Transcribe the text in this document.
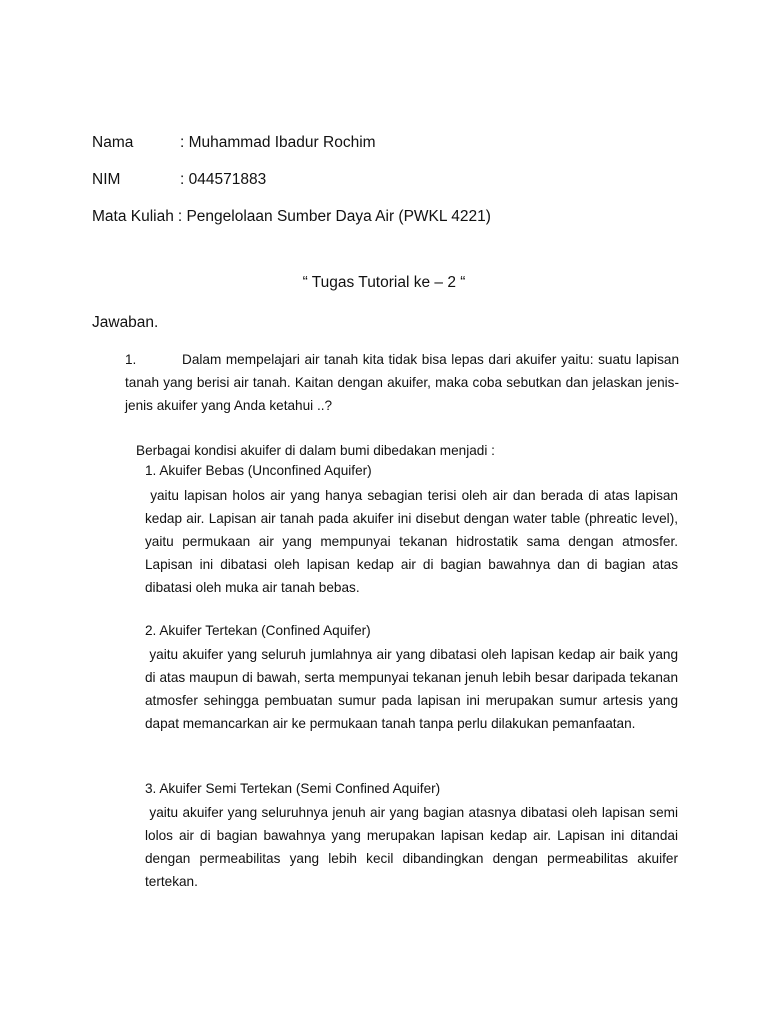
Nama	: Muhammad Ibadur Rochim
NIM	: 044571883
Mata Kuliah : Pengelolaan Sumber Daya Air (PWKL 4221)
“ Tugas Tutorial ke – 2 “
Jawaban.
1.	Dalam mempelajari air tanah kita tidak bisa lepas dari akuifer yaitu: suatu lapisan tanah yang berisi air tanah. Kaitan dengan akuifer, maka coba sebutkan dan jelaskan jenis-jenis akuifer yang Anda ketahui ..?
Berbagai kondisi akuifer di dalam bumi dibedakan menjadi :
1. Akuifer Bebas (Unconfined Aquifer)
yaitu lapisan holos air yang hanya sebagian terisi oleh air dan berada di atas lapisan kedap air. Lapisan air tanah pada akuifer ini disebut dengan water table (phreatic level), yaitu permukaan air yang mempunyai tekanan hidrostatik sama dengan atmosfer. Lapisan ini dibatasi oleh lapisan kedap air di bagian bawahnya dan di bagian atas dibatasi oleh muka air tanah bebas.
2. Akuifer Tertekan (Confined Aquifer)
yaitu akuifer yang seluruh jumlahnya air yang dibatasi oleh lapisan kedap air baik yang di atas maupun di bawah, serta mempunyai tekanan jenuh lebih besar daripada tekanan atmosfer sehingga pembuatan sumur pada lapisan ini merupakan sumur artesis yang dapat memancarkan air ke permukaan tanah tanpa perlu dilakukan pemanfaatan.
3. Akuifer Semi Tertekan (Semi Confined Aquifer)
yaitu akuifer yang seluruhnya jenuh air yang bagian atasnya dibatasi oleh lapisan semi lolos air di bagian bawahnya yang merupakan lapisan kedap air. Lapisan ini ditandai dengan permeabilitas yang lebih kecil dibandingkan dengan permeabilitas akuifer tertekan.
